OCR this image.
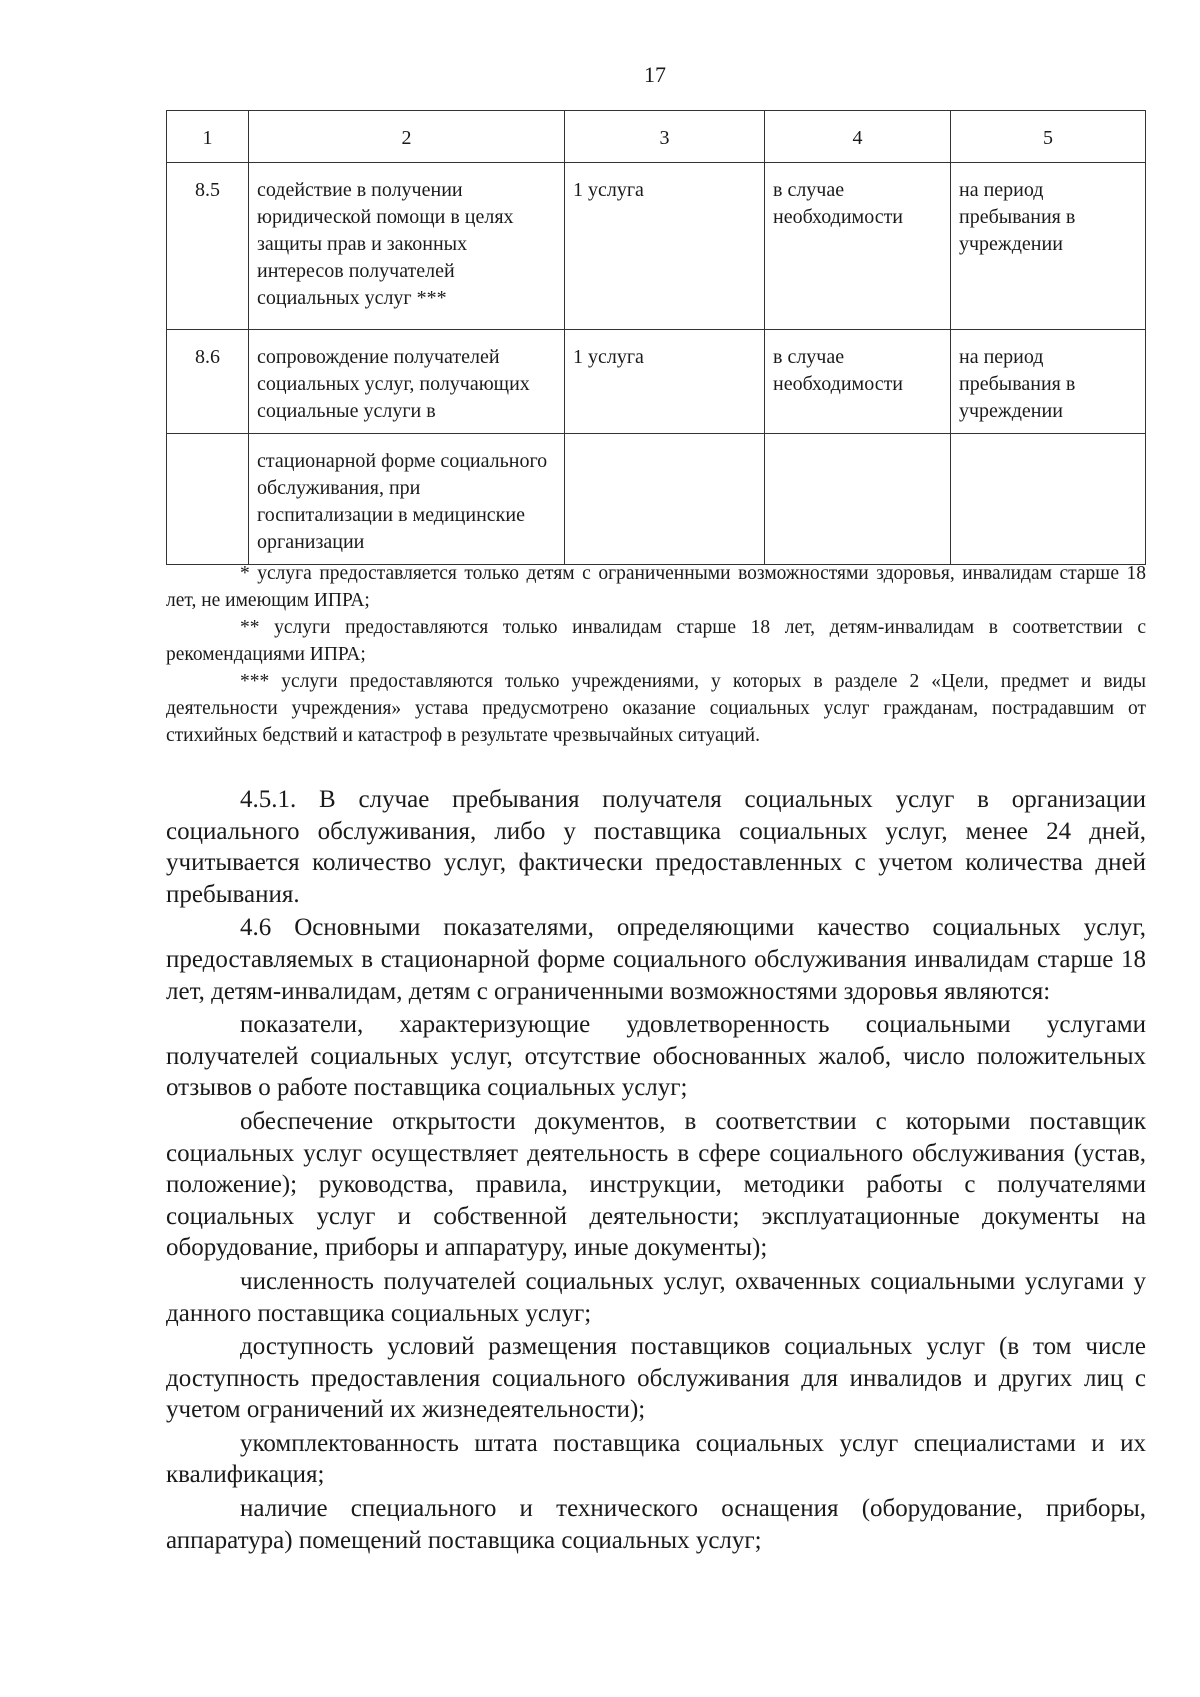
17
1	2	3	4	5
8.5	содействие в получении юридической помощи в целях защиты прав и законных интересов получателей социальных услуг ***	1 услуга	в случае необходимости	на период пребывания в учреждении
8.6	сопровождение получателей социальных услуг, получающих социальные услуги в	1 услуга	в случае необходимости	на период пребывания в учреждении
	стационарной форме социального обслуживания, при госпитализации в медицинские организации			

* услуга предоставляется только детям с ограниченными возможностями здоровья, инвалидам старше 18 лет, не имеющим ИПРА;

** услуги предоставляются только инвалидам старше 18 лет, детям-инвалидам в соответствии с рекомендациями ИПРА;

*** услуги предоставляются только учреждениями, у которых в разделе 2 «Цели, предмет и виды деятельности учреждения» устава предусмотрено оказание социальных услуг гражданам, пострадавшим от стихийных бедствий и катастроф в результате чрезвычайных ситуаций.

4.5.1. В случае пребывания получателя социальных услуг в организации социального обслуживания, либо у поставщика социальных услуг, менее 24 дней, учитывается количество услуг, фактически предоставленных с учетом количества дней пребывания.

4.6 Основными показателями, определяющими качество социальных услуг, предоставляемых в стационарной форме социального обслуживания инвалидам старше 18 лет, детям-инвалидам, детям с ограниченными возможностями здоровья являются:

показатели, характеризующие удовлетворенность социальными услугами получателей социальных услуг, отсутствие обоснованных жалоб, число положительных отзывов о работе поставщика социальных услуг;

обеспечение открытости документов, в соответствии с которыми поставщик социальных услуг осуществляет деятельность в сфере социального обслуживания (устав, положение); руководства, правила, инструкции, методики работы с получателями социальных услуг и собственной деятельности; эксплуатационные документы на оборудование, приборы и аппаратуру, иные документы);

численность получателей социальных услуг, охваченных социальными услугами у данного поставщика социальных услуг;

доступность условий размещения поставщиков социальных услуг (в том числе доступность предоставления социального обслуживания для инвалидов и других лиц с учетом ограничений их жизнедеятельности);

укомплектованность штата поставщика социальных услуг специалистами и их квалификация;

наличие специального и технического оснащения (оборудование, приборы, аппаратура) помещений поставщика социальных услуг;
